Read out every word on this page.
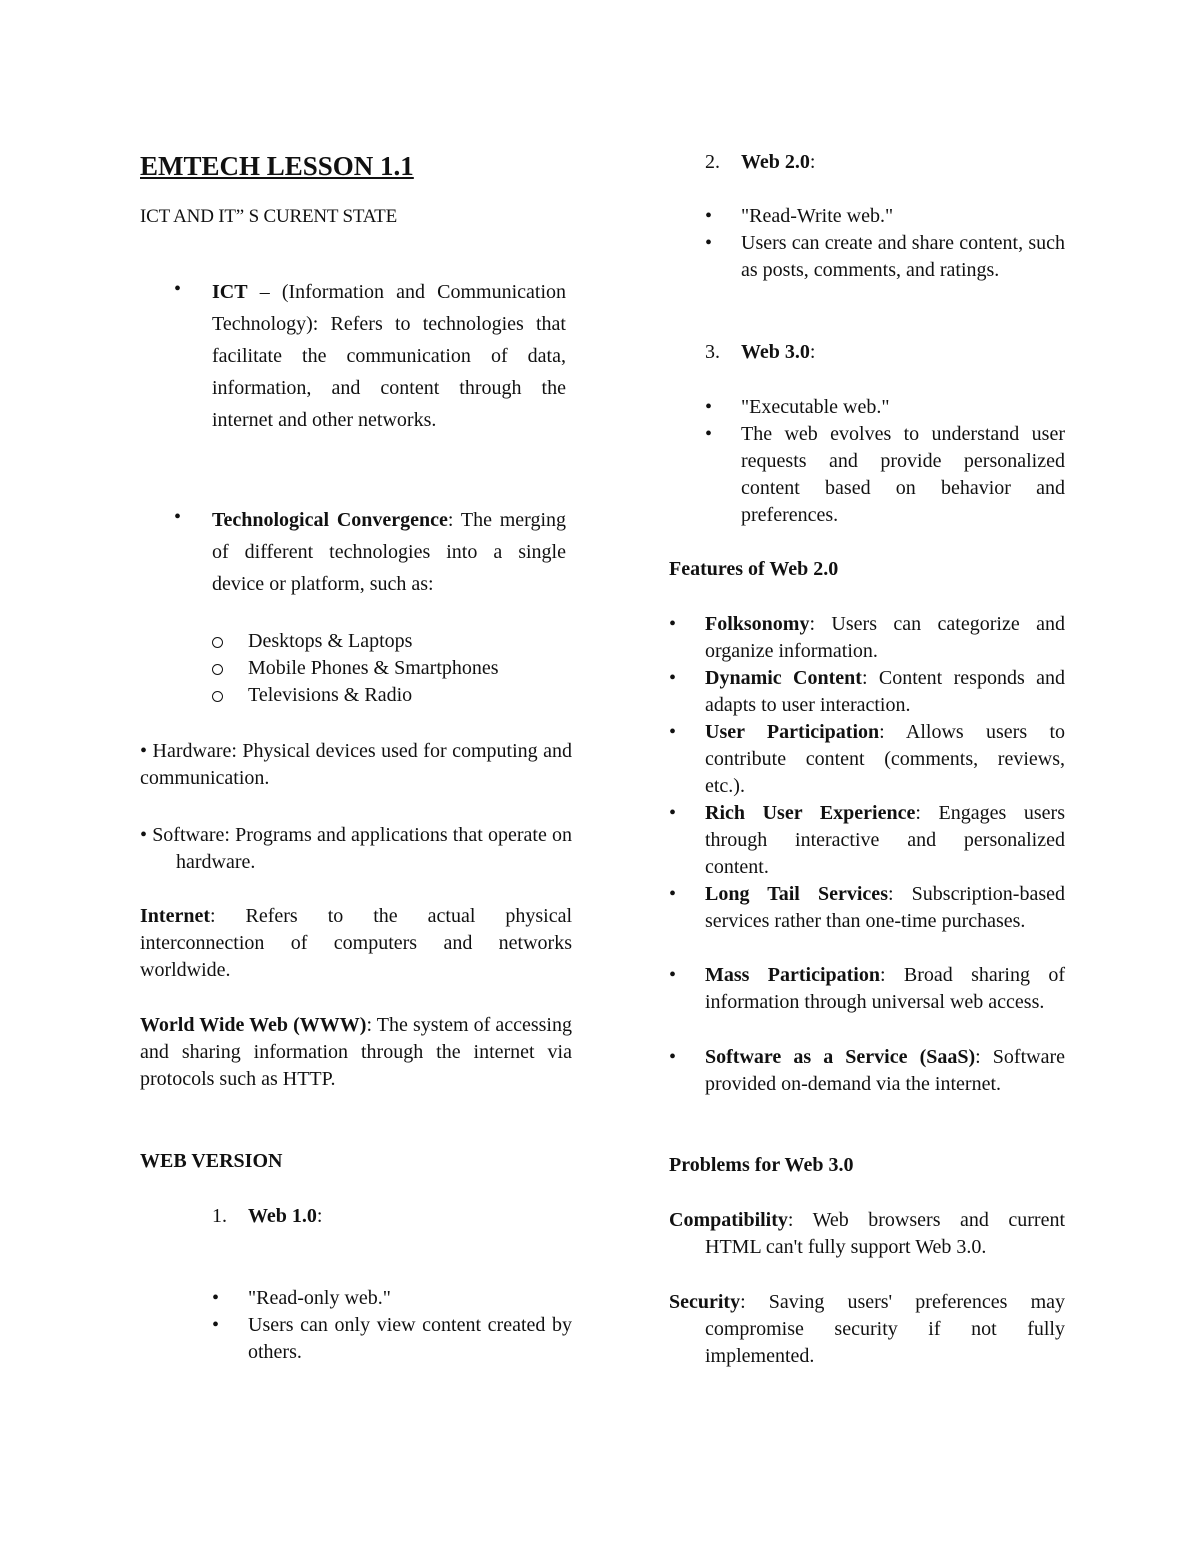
EMTECH LESSON 1.1
ICT AND IT” S CURENT STATE
•	ICT – (Information and Communication Technology): Refers to technologies that facilitate the communication of data, information, and content through the internet and other networks.
•	Technological Convergence: The merging of different technologies into a single device or platform, such as:
Desktops & Laptops
Mobile Phones & Smartphones
Televisions & Radio
• Hardware: Physical devices used for computing and communication.
• Software: Programs and applications that operate on hardware.
Internet: Refers to the actual physical interconnection of computers and networks worldwide.
World Wide Web (WWW): The system of accessing and sharing information through the internet via protocols such as HTTP.
WEB VERSION
1. Web 1.0:
•	"Read-only web."
•	Users can only view content created by others.
2. Web 2.0:
•	"Read-Write web."
•	Users can create and share content, such as posts, comments, and ratings.
3. Web 3.0:
•	"Executable web."
•	The web evolves to understand user requests and provide personalized content based on behavior and preferences.
Features of Web 2.0
•	Folksonomy: Users can categorize and organize information.
•	Dynamic Content: Content responds and adapts to user interaction.
•	User Participation: Allows users to contribute content (comments, reviews, etc.).
•	Rich User Experience: Engages users through interactive and personalized content.
•	Long Tail Services: Subscription-based services rather than one-time purchases.
•	Mass Participation: Broad sharing of information through universal web access.
•	Software as a Service (SaaS): Software provided on-demand via the internet.
Problems for Web 3.0
Compatibility: Web browsers and current HTML can't fully support Web 3.0.
Security: Saving users' preferences may compromise security if not fully implemented.
